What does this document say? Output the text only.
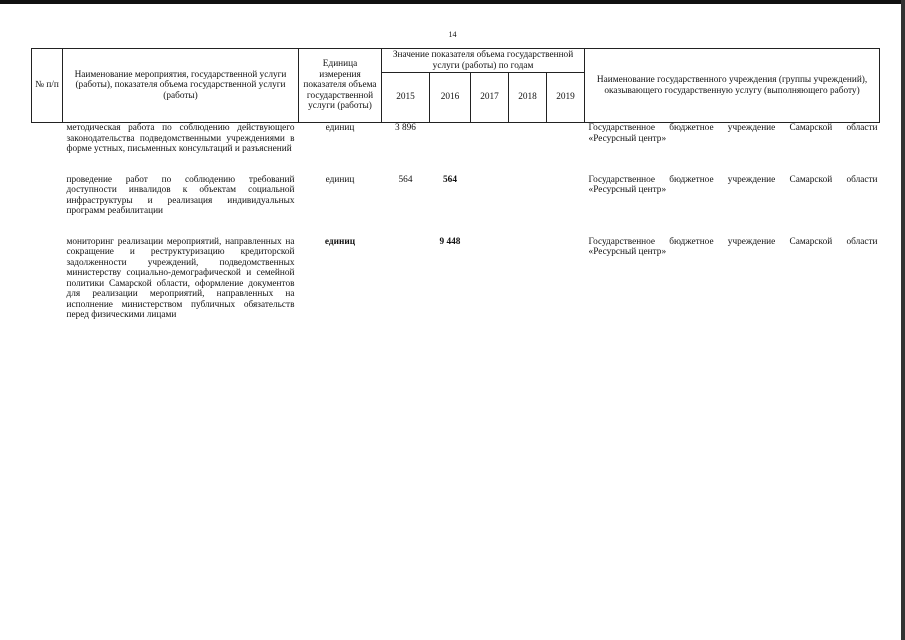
14
№ п/п	Наименование мероприятия, государственной услуги (работы), показателя объема государственной услуги (работы)	Единица измерения показателя объема государственной услуги (работы)	Значение показателя объема государственной услуги (работы) по годам					Наименование государственного учреждения (группы учреждений), оказывающего государственную услугу (выполняющего работу)
			2015	2016	2017	2018	2019	
	методическая работа по соблюдению действующего законодательства подведомственными учреждениями в форме устных, письменных консультаций и разъяснений	единиц	3 896					Государственное бюджетное учреждение Самарской области «Ресурсный центр»

	проведение работ по соблюдению требований доступности инвалидов к объектам социальной инфраструктуры и реализация индивидуальных программ реабилитации	единиц	564	564				Государственное бюджетное учреждение Самарской области «Ресурсный центр»

	мониторинг реализации мероприятий, направленных на сокращение и реструктуризацию кредиторской задолженности учреждений, подведомственных министерству социально-демографической и семейной политики Самарской области, оформление документов для реализации мероприятий, направленных на исполнение министерством публичных обязательств перед физическими лицами	единиц		9 448				Государственное бюджетное учреждение Самарской области «Ресурсный центр»
